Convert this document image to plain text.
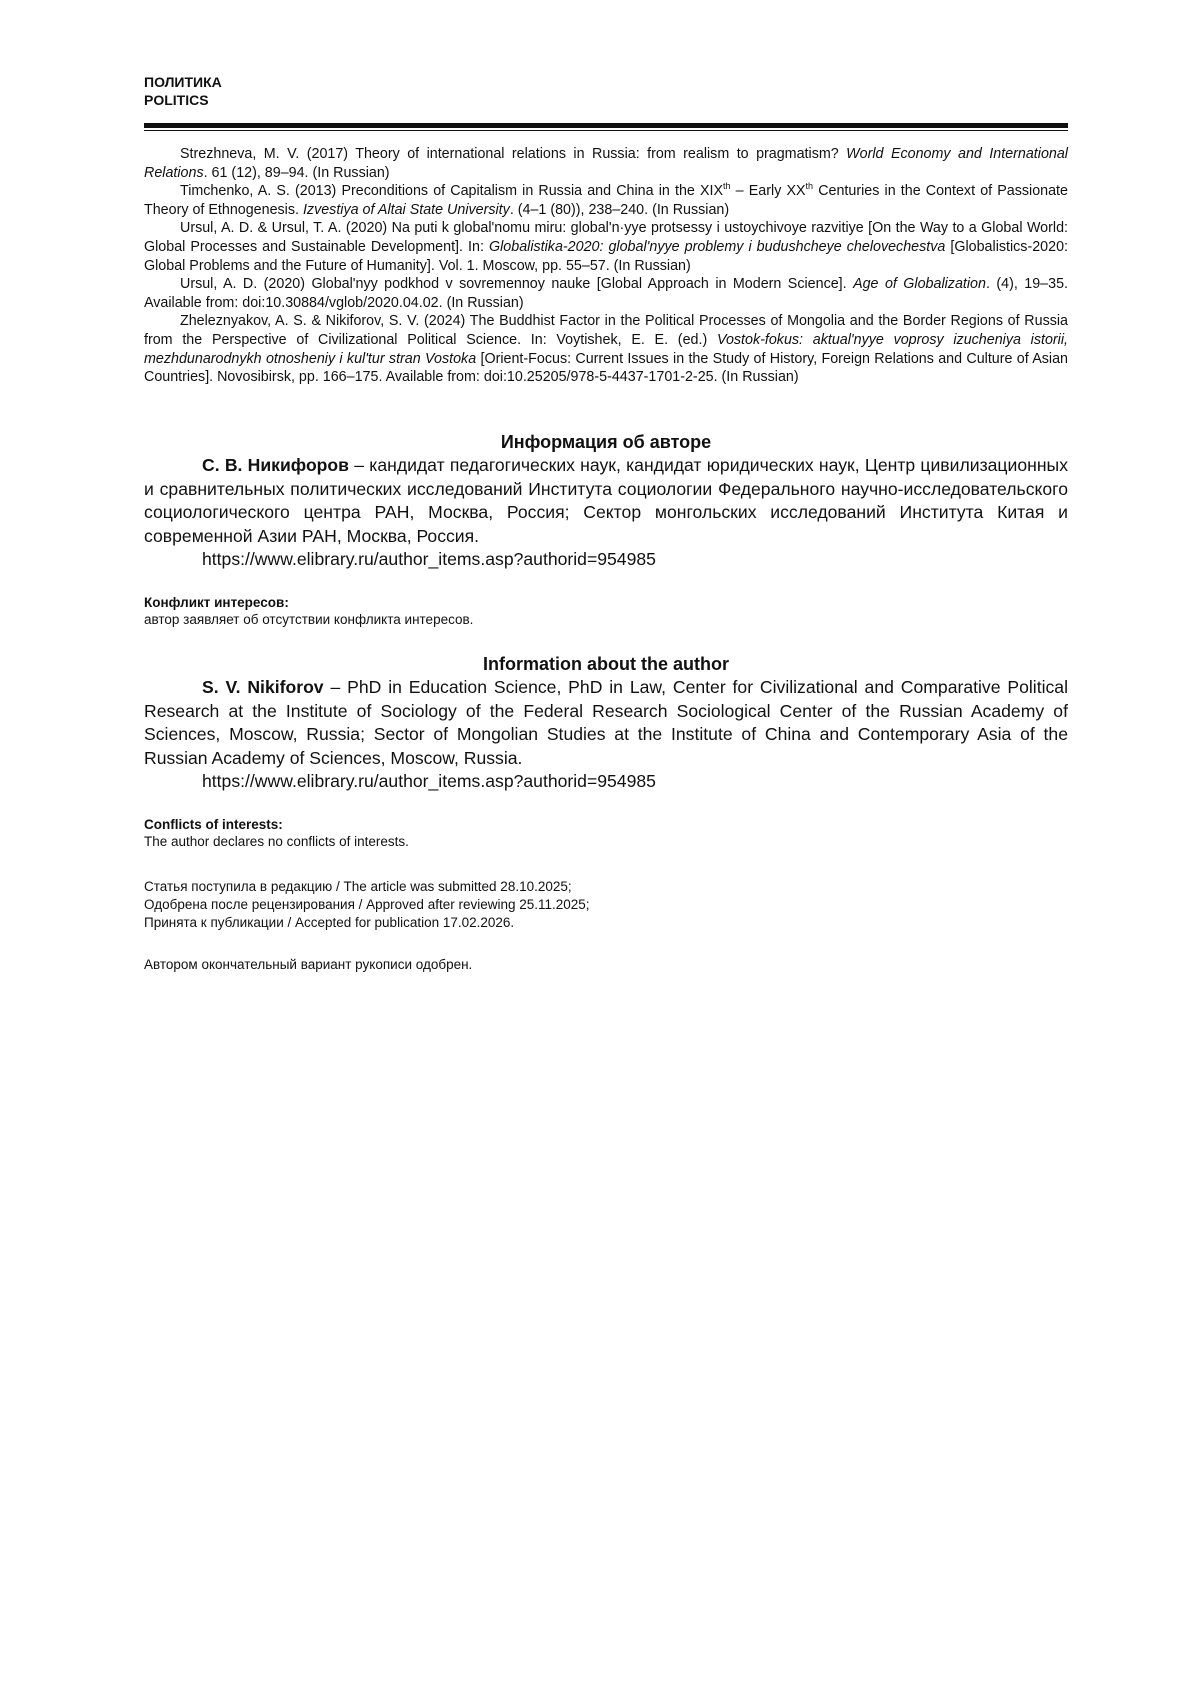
ПОЛИТИКА
POLITICS

Strezhneva, M. V. (2017) Theory of international relations in Russia: from realism to pragmatism? World Economy and International Relations. 61 (12), 89–94. (In Russian)

Timchenko, A. S. (2013) Preconditions of Capitalism in Russia and China in the XIXth – Early XXth Centuries in the Context of Passionate Theory of Ethnogenesis. Izvestiya of Altai State University. (4–1 (80)), 238–240. (In Russian)

Ursul, A. D. & Ursul, T. A. (2020) Na puti k global'nomu miru: global'n·yye protsessy i ustoychivoye razvitiye [On the Way to a Global World: Global Processes and Sustainable Development]. In: Globalistika-2020: global'nyye problemy i budushcheye chelovechestva [Globalistics-2020: Global Problems and the Future of Humanity]. Vol. 1. Moscow, pp. 55–57. (In Russian)

Ursul, A. D. (2020) Global'nyy podkhod v sovremennoy nauke [Global Approach in Modern Science]. Age of Globalization. (4), 19–35. Available from: doi:10.30884/vglob/2020.04.02. (In Russian)

Zheleznyakov, A. S. & Nikiforov, S. V. (2024) The Buddhist Factor in the Political Processes of Mongolia and the Border Regions of Russia from the Perspective of Civilizational Political Science. In: Voytishek, E. E. (ed.) Vostok-fokus: aktual'nyye voprosy izucheniya istorii, mezhdunarodnykh otnosheniy i kul'tur stran Vostoka [Orient-Focus: Current Issues in the Study of History, Foreign Relations and Culture of Asian Countries]. Novosibirsk, pp. 166–175. Available from: doi:10.25205/978-5-4437-1701-2-25. (In Russian)

Информация об авторе

С. В. Никифоров – кандидат педагогических наук, кандидат юридических наук, Центр цивилизационных и сравнительных политических исследований Института социологии Федерального научно-исследовательского социологического центра РАН, Москва, Россия; Сектор монгольских исследований Института Китая и современной Азии РАН, Москва, Россия.

https://www.elibrary.ru/author_items.asp?authorid=954985

Конфликт интересов:
автор заявляет об отсутствии конфликта интересов.

Information about the author

S. V. Nikiforov – PhD in Education Science, PhD in Law, Center for Civilizational and Comparative Political Research at the Institute of Sociology of the Federal Research Sociological Center of the Russian Academy of Sciences, Moscow, Russia; Sector of Mongolian Studies at the Institute of China and Contemporary Asia of the Russian Academy of Sciences, Moscow, Russia.

https://www.elibrary.ru/author_items.asp?authorid=954985

Conflicts of interests:
The author declares no conflicts of interests.
Статья поступила в редакцию / The article was submitted 28.10.2025;
Одобрена после рецензирования / Approved after reviewing 25.11.2025;
Принята к публикации / Accepted for publication 17.02.2026.
Автором окончательный вариант рукописи одобрен.
